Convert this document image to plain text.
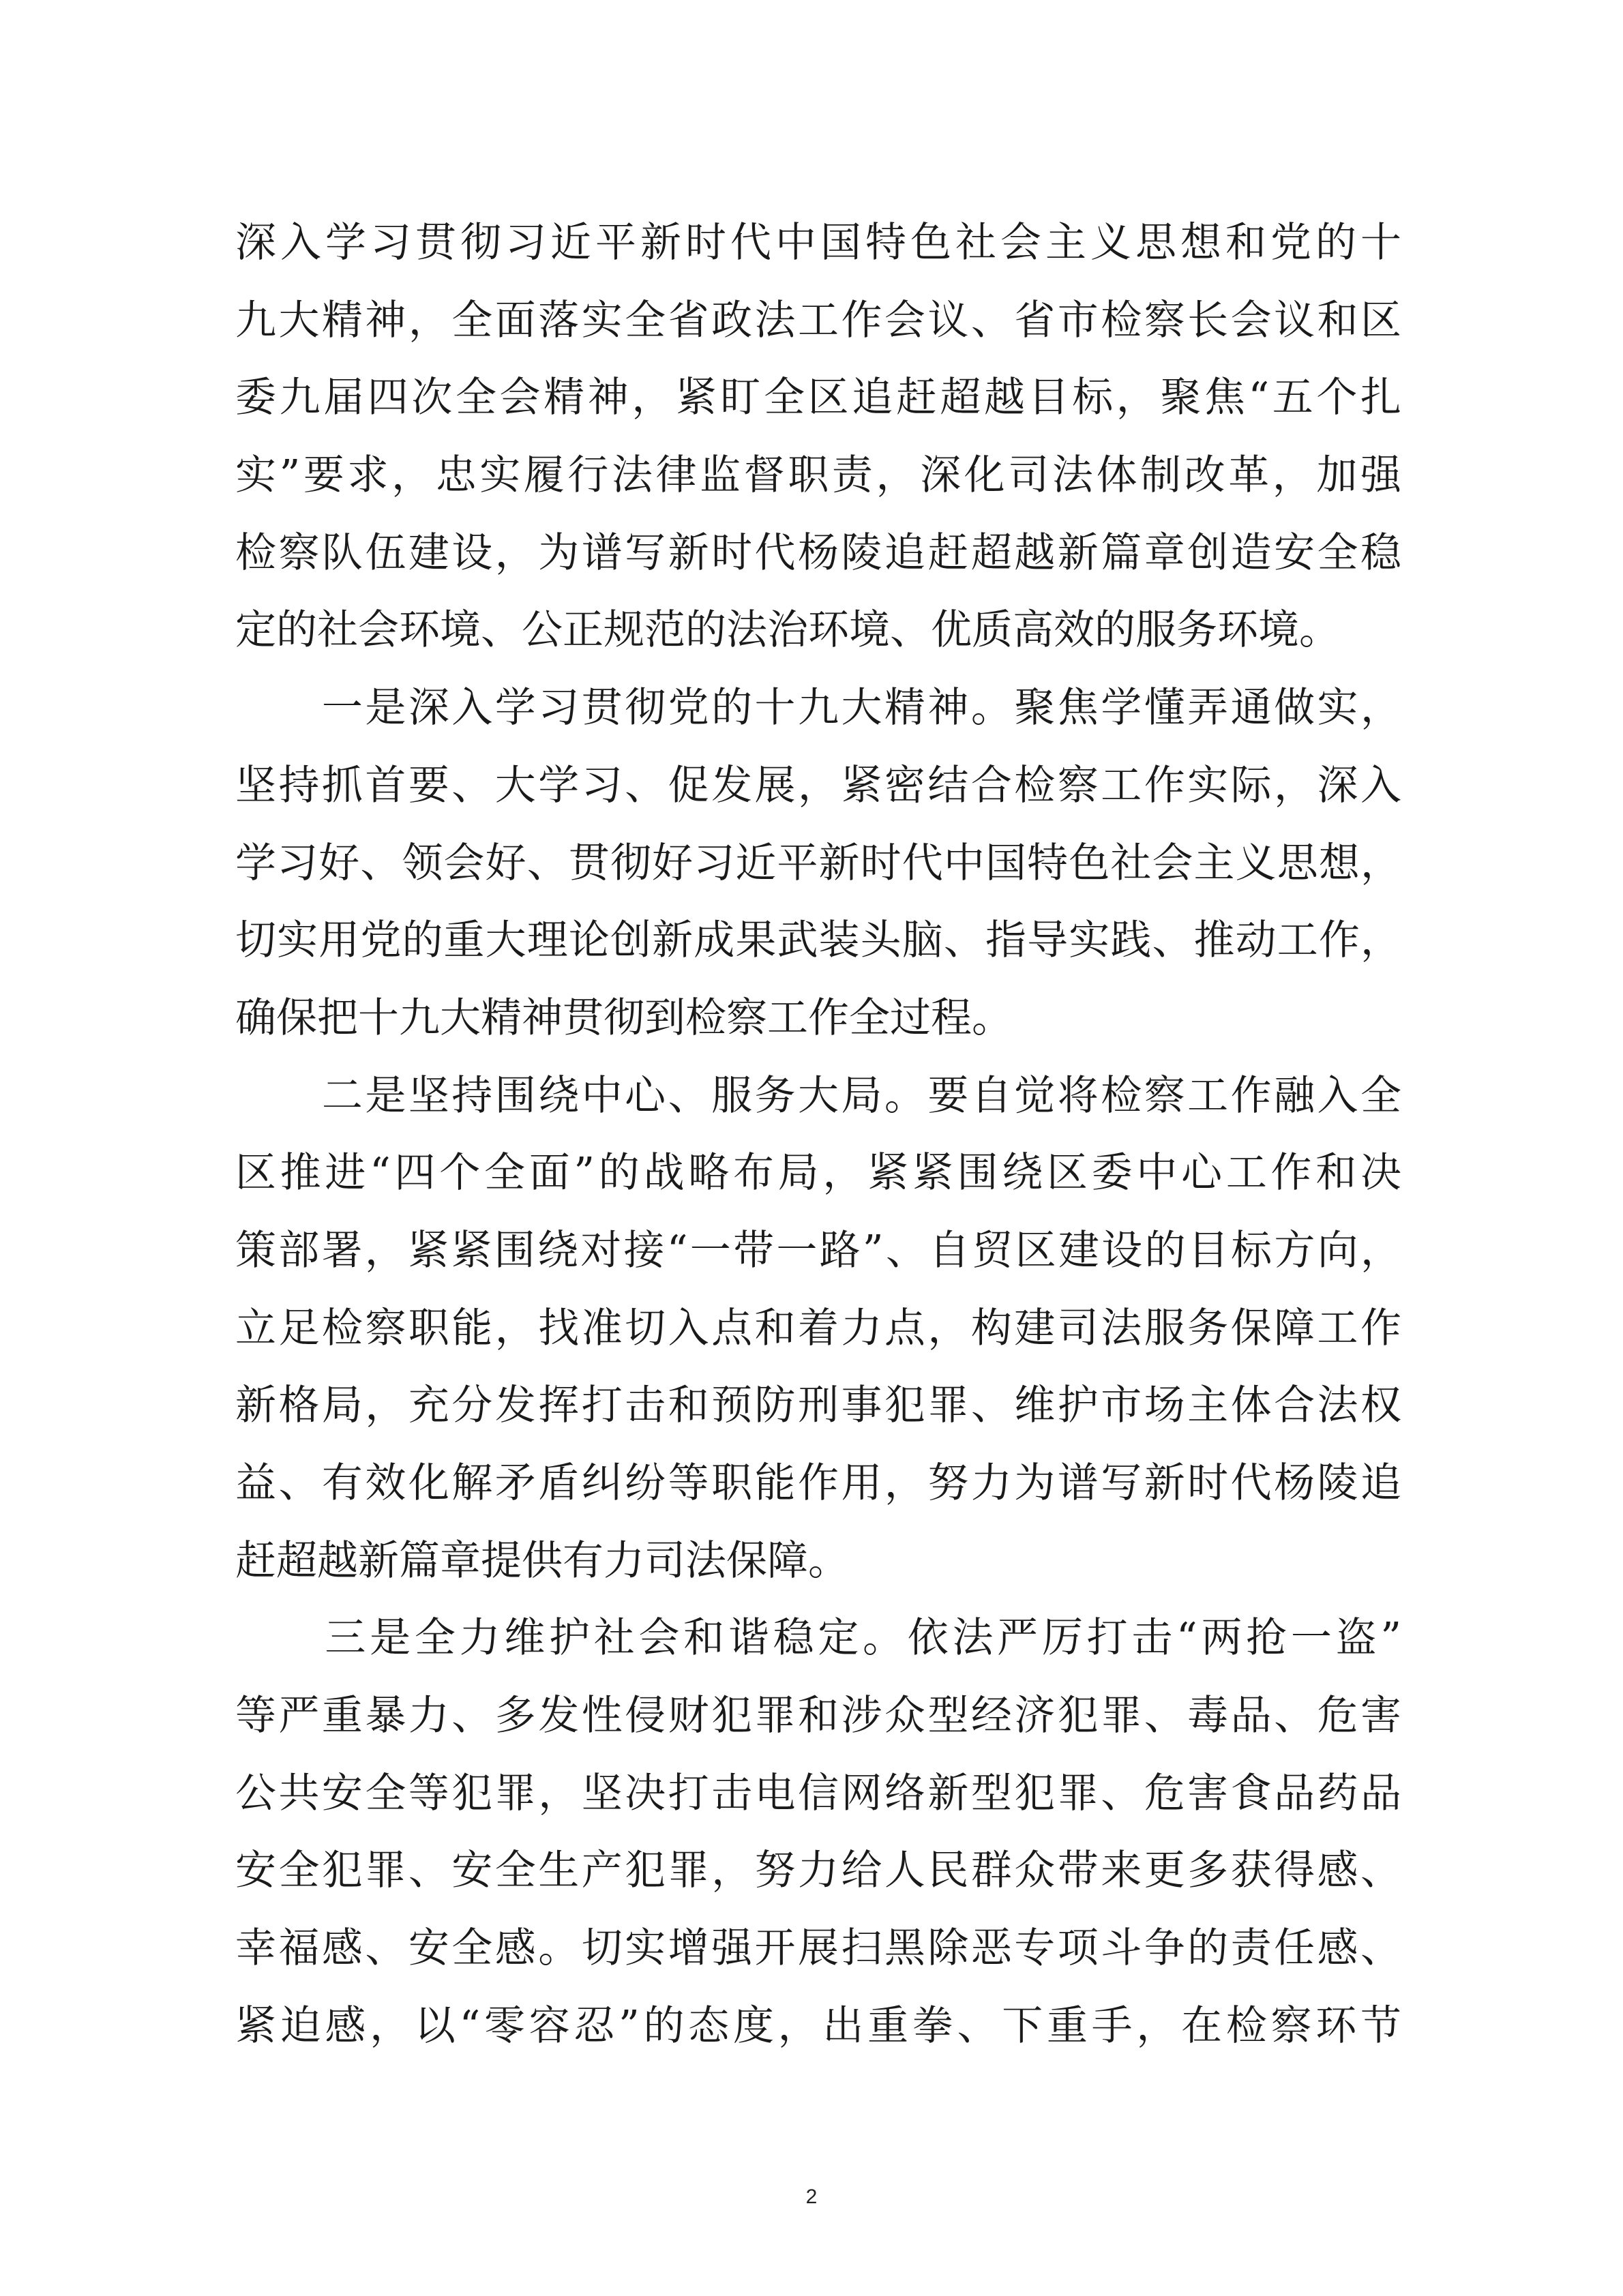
深入学习贯彻习近平新时代中国特色社会主义思想和党的十
九大精神，全面落实全省政法工作会议、省市检察长会议和区
委九届四次全会精神，紧盯全区追赶超越目标，聚焦“五个扎
实”要求，忠实履行法律监督职责，深化司法体制改革，加强
检察队伍建设，为谱写新时代杨陵追赶超越新篇章创造安全稳
定的社会环境、公正规范的法治环境、优质高效的服务环境。
　　一是深入学习贯彻党的十九大精神。聚焦学懂弄通做实，
坚持抓首要、大学习、促发展，紧密结合检察工作实际，深入
学习好、领会好、贯彻好习近平新时代中国特色社会主义思想，
切实用党的重大理论创新成果武装头脑、指导实践、推动工作，
确保把十九大精神贯彻到检察工作全过程。
　　二是坚持围绕中心、服务大局。要自觉将检察工作融入全
区推进“四个全面”的战略布局，紧紧围绕区委中心工作和决
策部署，紧紧围绕对接“一带一路”、自贸区建设的目标方向，
立足检察职能，找准切入点和着力点，构建司法服务保障工作
新格局，充分发挥打击和预防刑事犯罪、维护市场主体合法权
益、有效化解矛盾纠纷等职能作用，努力为谱写新时代杨陵追
赶超越新篇章提供有力司法保障。
　　三是全力维护社会和谐稳定。依法严厉打击“两抢一盗”
等严重暴力、多发性侵财犯罪和涉众型经济犯罪、毒品、危害
公共安全等犯罪，坚决打击电信网络新型犯罪、危害食品药品
安全犯罪、安全生产犯罪，努力给人民群众带来更多获得感、
幸福感、安全感。切实增强开展扫黑除恶专项斗争的责任感、
紧迫感，以“零容忍”的态度，出重拳、下重手，在检察环节
2
